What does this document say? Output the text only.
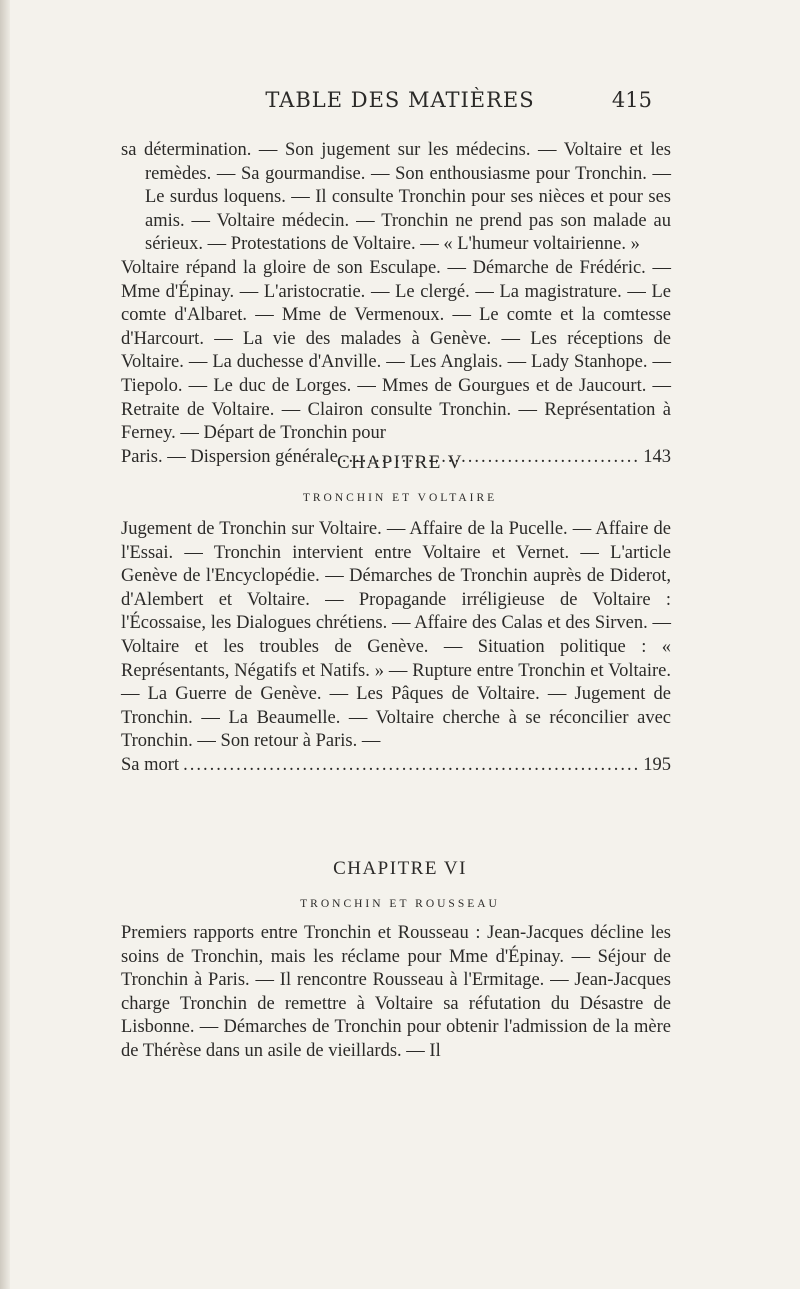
TABLE DES MATIÈRES	415

sa détermination. — Son jugement sur les médecins. — Voltaire et les remèdes. — Sa gourmandise. — Son enthousiasme pour Tronchin. — Le surdus loquens. — Il consulte Tronchin pour ses nièces et pour ses amis. — Voltaire médecin. — Tronchin ne prend pas son malade au sérieux. — Protestations de Voltaire. — « L'humeur voltairienne. »

Voltaire répand la gloire de son Esculape. — Démarche de Frédéric. — Mme d'Épinay. — L'aristocratie. — Le clergé. — La magistrature. — Le comte d'Albaret. — Mme de Vermenoux. — Le comte et la comtesse d'Harcourt. — La vie des malades à Genève. — Les réceptions de Voltaire. — La duchesse d'Anville. — Les Anglais. — Lady Stanhope. — Tiepolo. — Le duc de Lorges. — Mmes de Gourgues et de Jaucourt. — Retraite de Voltaire. — Clairon consulte Tronchin. — Représentation à Ferney. — Départ de Tronchin pour

Paris. — Dispersion générale .....	143
CHAPITRE V
TRONCHIN ET VOLTAIRE

Jugement de Tronchin sur Voltaire. — Affaire de la Pucelle. — Affaire de l'Essai. — Tronchin intervient entre Voltaire et Vernet. — L'article Genève de l'Encyclopédie. — Démarches de Tronchin auprès de Diderot, d'Alembert et Voltaire. — Propagande irréligieuse de Voltaire : l'Écossaise, les Dialogues chrétiens. — Affaire des Calas et des Sirven. — Voltaire et les troubles de Genève. — Situation politique : « Représentants, Négatifs et Natifs. » — Rupture entre Tronchin et Voltaire. — La Guerre de Genève. — Les Pâques de Voltaire. — Jugement de Tronchin. — La Beaumelle. — Voltaire cherche à se réconcilier avec Tronchin. — Son retour à Paris. —

Sa mort .....	195
CHAPITRE VI
TRONCHIN ET ROUSSEAU

Premiers rapports entre Tronchin et Rousseau : Jean-Jacques décline les soins de Tronchin, mais les réclame pour Mme d'Épinay. — Séjour de Tronchin à Paris. — Il rencontre Rousseau à l'Ermitage. — Jean-Jacques charge Tronchin de remettre à Voltaire sa réfutation du Désastre de Lisbonne. — Démarches de Tronchin pour obtenir l'admission de la mère de Thérèse dans un asile de vieillards. — Il
